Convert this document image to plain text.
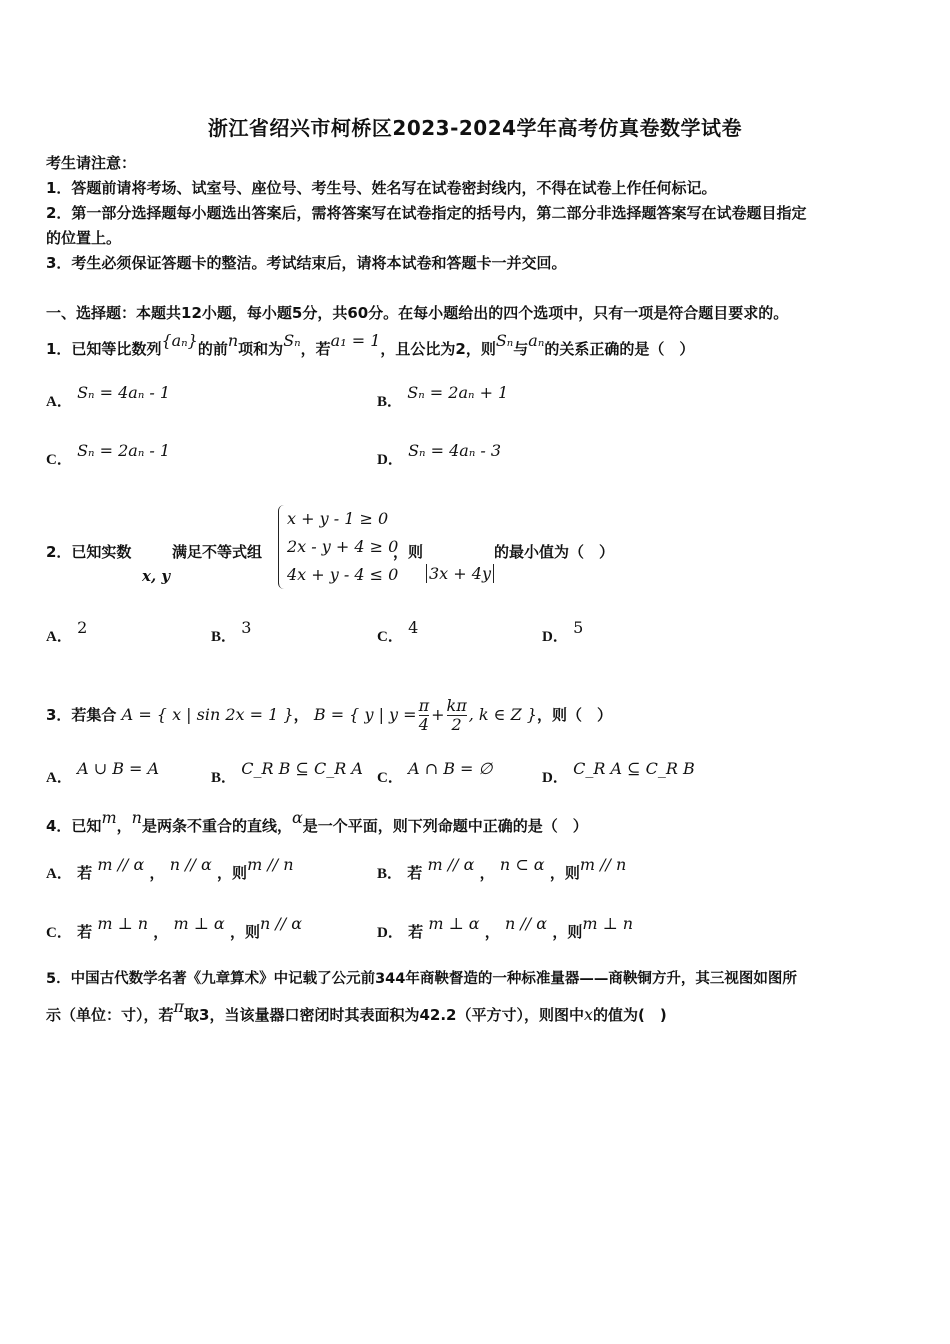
浙江省绍兴市柯桥区2023-2024学年高考仿真卷数学试卷
考生请注意：
1．答题前请将考场、试室号、座位号、考生号、姓名写在试卷密封线内，不得在试卷上作任何标记。
2．第一部分选择题每小题选出答案后，需将答案写在试卷指定的括号内，第二部分非选择题答案写在试卷题目指定
的位置上。
3．考生必须保证答题卡的整洁。考试结束后，请将本试卷和答题卡一并交回。
一、选择题：本题共12小题，每小题5分，共60分。在每小题给出的四个选项中，只有一项是符合题目要求的。
1．已知等比数列{aₙ}的前n项和为Sₙ，若a₁ = 1，且公比为2，则Sₙ与aₙ的关系正确的是（　）
A． Sₙ = 4aₙ - 1	B． Sₙ = 2aₙ + 1
C． Sₙ = 2aₙ - 1	D． Sₙ = 4aₙ - 3
2．已知实数
x, y
满足不等式组
x + y - 1 ≥ 0
2x - y + 4 ≥ 0
4x + y - 4 ≤ 0
，则
3x + 4y
的最小值为（　）
A． 2	B． 3	C． 4	D． 5
3．若集合 A = { x | sin 2x = 1 }， B = { y | $y = \frac{\pi}{4} + \frac{k\pi}{2}$ , k ∈ Z }，则（　）
A． A ∪ B = A	B． C_R B ⊆ C_R A C． A ∩ B = ∅	D． C_R A ⊆ C_R B
4．已知m，n是两条不重合的直线，α是一个平面，则下列命题中正确的是（　）
A． 若 m // α ， n // α ，则m // n	B． 若 m // α ， n ⊂ α ，则m // n
C． 若 m ⊥ n ， m ⊥ α ，则n // α	D． 若 m ⊥ α ， n // α ，则m ⊥ n
5．中国古代数学名著《九章算术》中记载了公元前344年商鞅督造的一种标准量器——商鞅铜方升，其三视图如图所
示（单位：寸），若π取3，当该量器口密闭时其表面积为42.2（平方寸），则图中x的值为(　)
